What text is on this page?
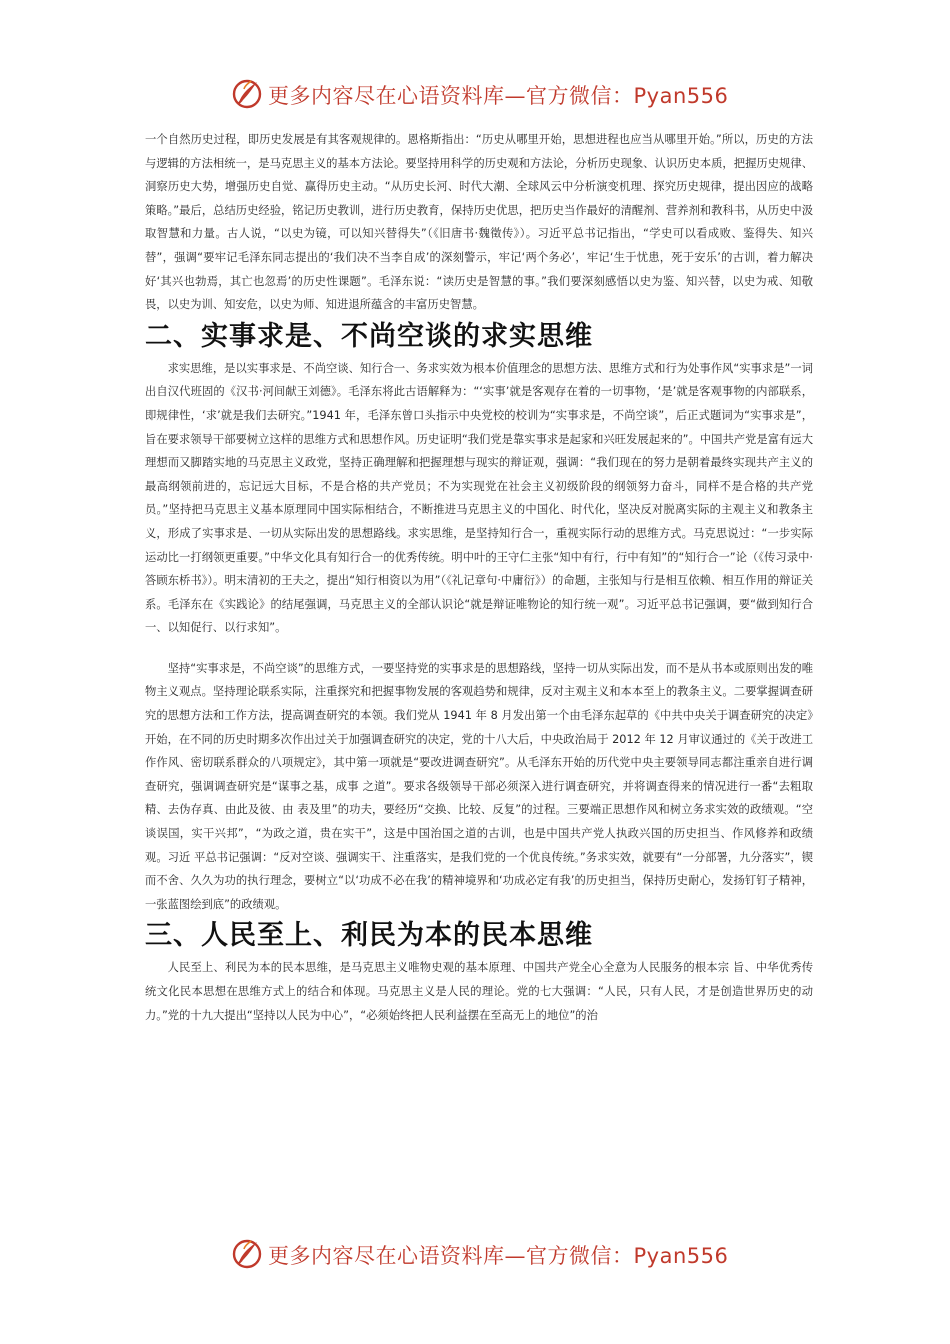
更多内容尽在心语资料库—官方微信：Pyan556

一个自然历史过程，即历史发展是有其客观规律的。恩格斯指出：“历史从哪里开始，思想进程也应当从哪里开始。”所以，历史的方法与逻辑的方法相统一，是马克思主义的基本方法论。要坚持用科学的历史观和方法论，分析历史现象、认识历史本质，把握历史规律、洞察历史大势，增强历史自觉、赢得历史主动。“从历史长河、时代大潮、全球风云中分析演变机理、探究历史规律，提出因应的战略策略。”最后，总结历史经验，铭记历史教训，进行历史教育，保持历史优思，把历史当作最好的清醒剂、营养剂和教科书，从历史中汲取智慧和力量。古人说，“以史为镜，可以知兴替得失”（《旧唐书·魏徵传》）。习近平总书记指出，“学史可以看成败、鉴得失、知兴替”，强调“要牢记毛泽东同志提出的‘我们决不当李自成’的深刻警示，牢记‘两个务必’，牢记‘生于忧患，死于安乐’的古训，着力解决好‘其兴也勃焉，其亡也忽焉’的历史性课题”。毛泽东说：“读历史是智慧的事。”我们要深刻感悟以史为鉴、知兴替，以史为戒、知敬畏，以史为训、知安危，以史为师、知进退所蕴含的丰富历史智慧。

二、实事求是、不尚空谈的求实思维

求实思维，是以实事求是、不尚空谈、知行合一、务求实效为根本价值理念的思想方法、思维方式和行为处事作风“实事求是”一词出自汉代班固的《汉书·河间献王刘德》。毛泽东将此古语解释为：“‘实事’就是客观存在着的一切事物，‘是’就是客观事物的内部联系，即规律性，‘求’就是我们去研究。”1941 年，毛泽东曾口头指示中央党校的校训为“实事求是，不尚空谈”，后正式题词为“实事求是”，旨在要求领导干部要树立这样的思维方式和思想作风。历史证明“我们党是靠实事求是起家和兴旺发展起来的”。中国共产党是富有远大理想而又脚踏实地的马克思主义政党，坚持正确理解和把握理想与现实的辩证观，强调：“我们现在的努力是朝着最终实现共产主义的最高纲领前进的，忘记远大目标，不是合格的共产党员；不为实现党在社会主义初级阶段的纲领努力奋斗，同样不是合格的共产党员。”坚持把马克思主义基本原理同中国实际相结合，不断推进马克思主义的中国化、时代化，坚决反对脱离实际的主观主义和教条主义，形成了实事求是、一切从实际出发的思想路线。求实思维，是坚持知行合一，重视实际行动的思维方式。马克思说过：“一步实际运动比一打纲领更重要。”中华文化具有知行合一的优秀传统。明中叶的王守仁主张“知中有行，行中有知”的“知行合一”论（《传习录中·答顾东桥书》）。明末清初的王夫之，提出“知行相资以为用”（《礼记章句·中庸衍》）的命题，主张知与行是相互依赖、相互作用的辩证关系。毛泽东在《实践论》的结尾强调，马克思主义的全部认识论“就是辩证唯物论的知行统一观”。习近平总书记强调，要“做到知行合一、以知促行、以行求知”。

坚持“实事求是，不尚空谈”的思维方式，一要坚持党的实事求是的思想路线，坚持一切从实际出发，而不是从书本或原则出发的唯物主义观点。坚持理论联系实际，注重探究和把握事物发展的客观趋势和规律，反对主观主义和本本至上的教条主义。二要掌握调查研究的思想方法和工作方法，提高调查研究的本领。我们党从 1941 年 8 月发出第一个由毛泽东起草的《中共中央关于调查研究的决定》开始，在不同的历史时期多次作出过关于加强调查研究的决定，党的十八大后，中央政治局于 2012 年 12 月审议通过的《关于改进工作作风、密切联系群众的八项规定》，其中第一项就是“要改进调查研究”。从毛泽东开始的历代党中央主要领导同志都注重亲自进行调查研究，强调调查研究是“谋事之基，成事 之道”。要求各级领导干部必须深入进行调查研究，并将调查得来的情况进行一番“去粗取精、去伪存真、由此及彼、由 表及里”的功夫，要经历“交换、比较、反复”的过程。三要端正思想作风和树立务求实效的政绩观。“空谈误国，实干兴邦”，“为政之道，贵在实干”，这是中国治国之道的古训，也是中国共产党人执政兴国的历史担当、作风修养和政绩观。习近 平总书记强调：“反对空谈、强调实干、注重落实，是我们党的一个优良传统。”务求实效，就要有“一分部署，九分落实”，锲而不舍、久久为功的执行理念，要树立“以‘功成不必在我’的精神境界和‘功成必定有我’的历史担当，保持历史耐心，发扬钉钉子精神，一张蓝图绘到底”的政绩观。

三、人民至上、利民为本的民本思维

人民至上、利民为本的民本思维，是马克思主义唯物史观的基本原理、中国共产党全心全意为人民服务的根本宗 旨、中华优秀传统文化民本思想在思维方式上的结合和体现。马克思主义是人民的理论。党的七大强调：“人民，只有人民，才是创造世界历史的动力。”党的十九大提出“坚持以人民为中心”，“必须始终把人民利益摆在至高无上的地位”的治

更多内容尽在心语资料库—官方微信：Pyan556
